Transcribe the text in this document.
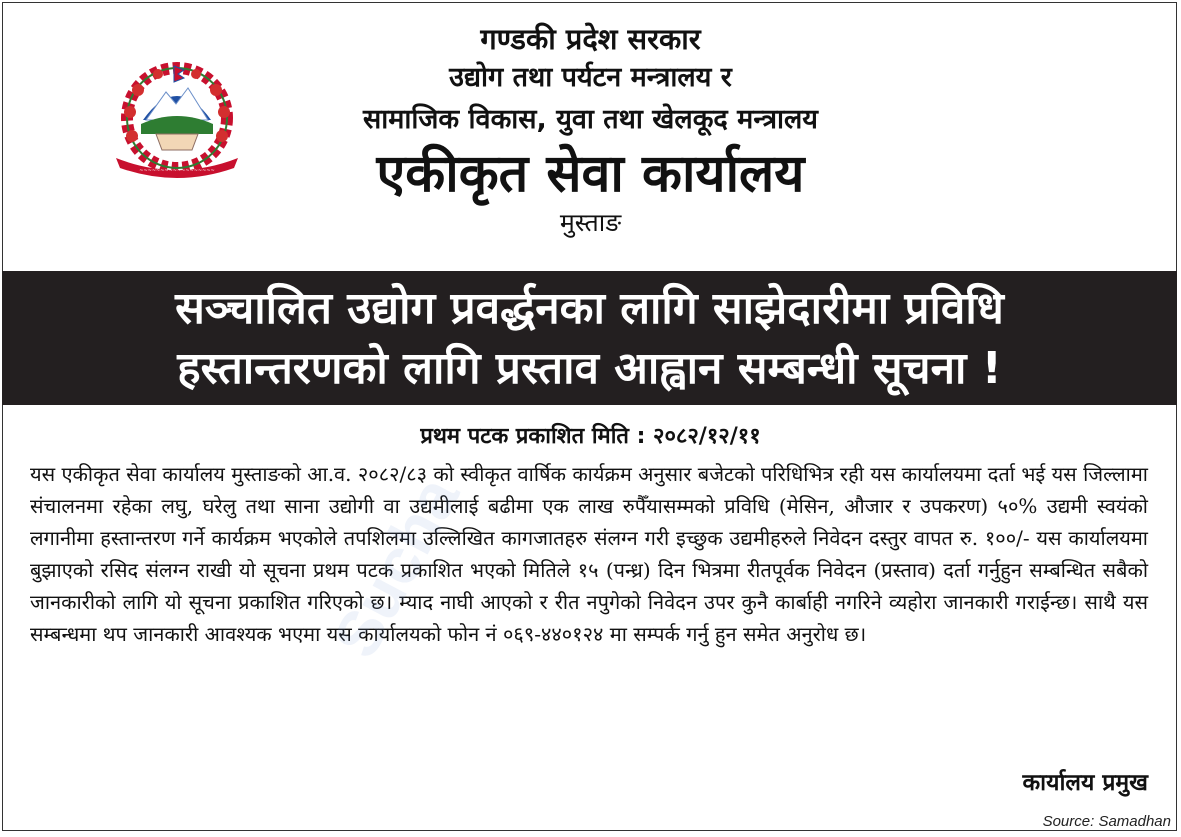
~~~~~~~~~~~~~~~~~~
गण्डकी प्रदेश सरकार
उद्योग तथा पर्यटन मन्त्रालय र
सामाजिक विकास, युवा तथा खेलकूद मन्त्रालय
एकीकृत सेवा कार्यालय
मुस्ताङ
सञ्चालित उद्योग प्रवर्द्धनका लागि साझेदारीमा प्रविधि
हस्तान्तरणको लागि प्रस्ताव आह्वान सम्बन्धी सूचना !
प्रथम पटक प्रकाशित मिति : २०८२/१२/११
यस एकीकृत सेवा कार्यालय मुस्ताङको आ.व. २०८२/८३ को स्वीकृत वार्षिक कार्यक्रम अनुसार बजेटको परिधिभित्र रही यस कार्यालयमा दर्ता भई यस जिल्लामा संचालनमा रहेका लघु, घरेलु तथा साना उद्योगी वा उद्यमीलाई बढीमा एक लाख रुपैँयासम्मको प्रविधि (मेसिन, औजार र उपकरण) ५०% उद्यमी स्वयंको लगानीमा हस्तान्तरण गर्ने कार्यक्रम भएकोले तपशिलमा उल्लिखित कागजातहरु संलग्न गरी इच्छुक उद्यमीहरुले निवेदन दस्तुर वापत रु. १००/- यस कार्यालयमा बुझाएको रसिद संलग्न राखी यो सूचना प्रथम पटक प्रकाशित भएको मितिले १५ (पन्ध्र) दिन भित्रमा रीतपूर्वक निवेदन (प्रस्ताव) दर्ता गर्नुहुन सम्बन्धित सबैको जानकारीको लागि यो सूचना प्रकाशित गरिएको छ। म्याद नाघी आएको र रीत नपुगेको निवेदन उपर कुनै कार्बाही नगरिने व्यहोरा जानकारी गराईन्छ। साथै यस सम्बन्धमा थप जानकारी आवश्यक भएमा यस कार्यालयको फोन नं ०६९-४४०१२४ मा सम्पर्क गर्नु हुन समेत अनुरोध छ।
कार्यालय प्रमुख
Source: Samadhan
Sucha
